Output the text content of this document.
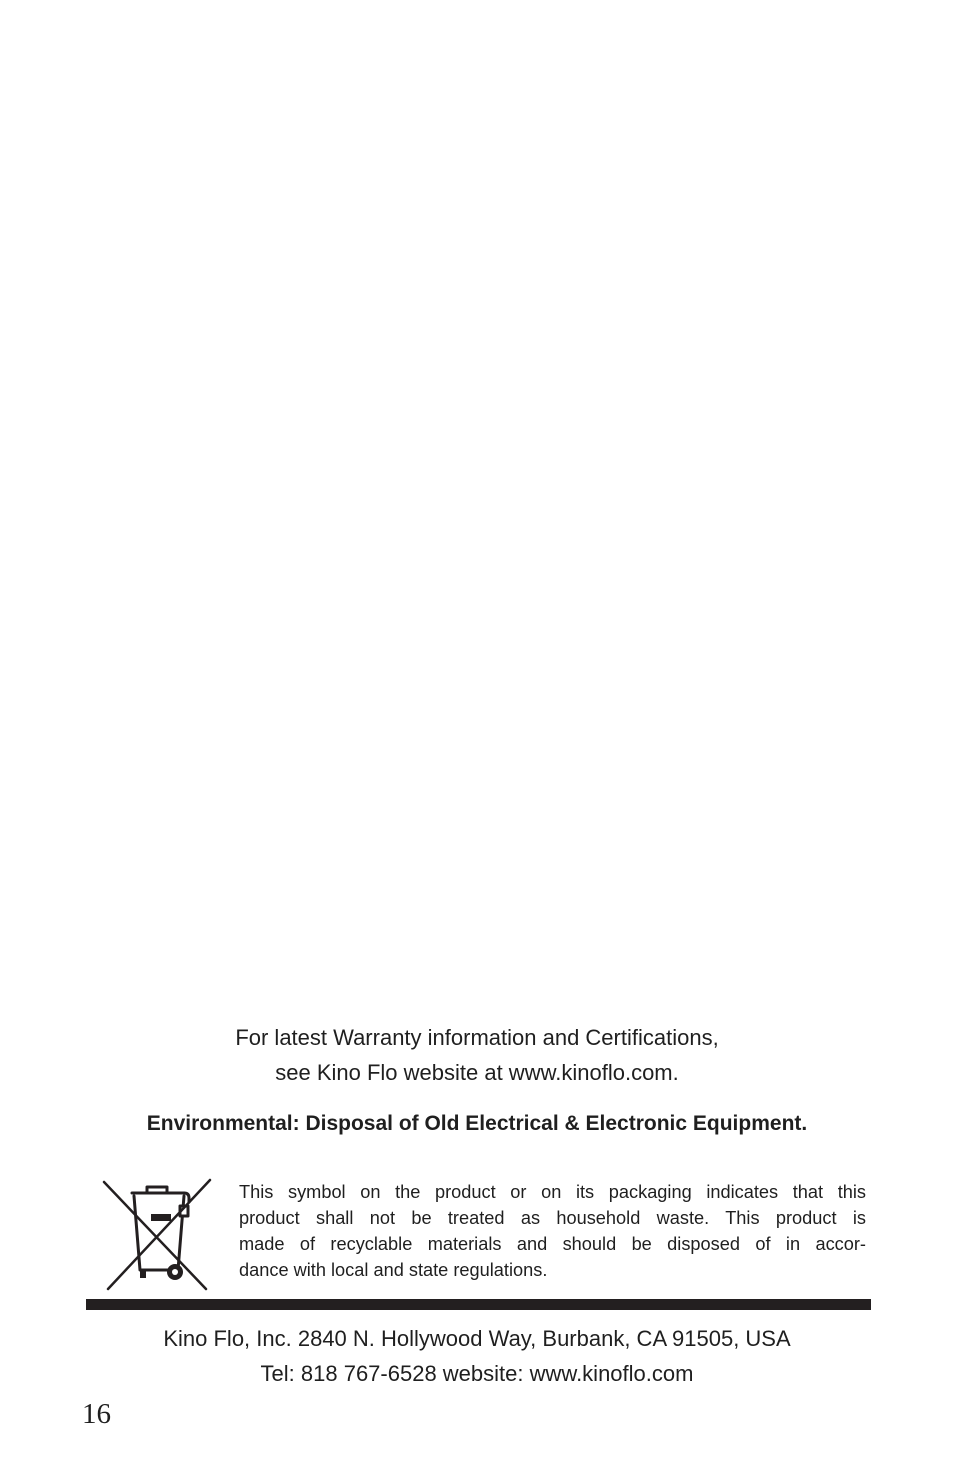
For latest Warranty information and Certifications,
see Kino Flo website at www.kinoflo.com.
Environmental: Disposal of Old Electrical & Electronic Equipment.
This symbol on the product or on its packaging indicates that this
product shall not be treated as household waste. This product is
made of recyclable materials and should be disposed of in accor-
dance with local and state regulations.
Kino Flo, Inc. 2840 N. Hollywood Way, Burbank, CA 91505, USA
Tel: 818 767-6528 website: www.kinoflo.com
16
